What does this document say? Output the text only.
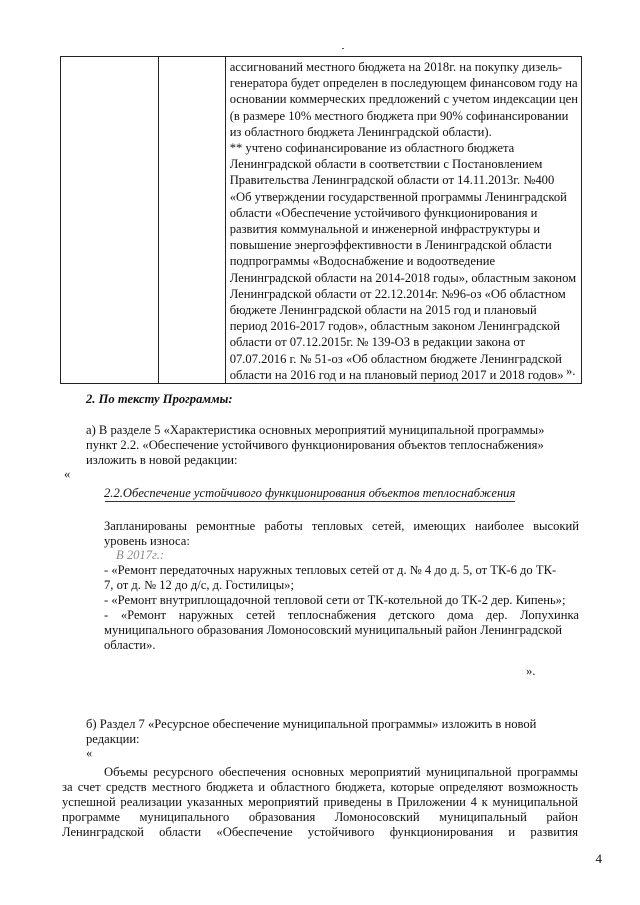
ассигнований местного бюджета на 2018г. на покупку дизель-
генератора будет определен в последующем финансовом году на
основании коммерческих предложений с учетом индексации цен
(в размере 10% местного бюджета при 90% софинансировании
из областного бюджета Ленинградской области).
** учтено софинансирование из областного бюджета
Ленинградской области в соответствии с Постановлением
Правительства Ленинградской области от 14.11.2013г. №400
«Об утверждении государственной программы Ленинградской
области «Обеспечение устойчивого функционирования и
развития коммунальной и инженерной инфраструктуры и
повышение энергоэффективности в Ленинградской области
подпрограммы «Водоснабжение и водоотведение
Ленинградской области на 2014-2018 годы», областным законом
Ленинградской области от 22.12.2014г. №96-оз «Об областном
бюджете Ленинградской области на 2015 год и плановый
период 2016-2017 годов», областным законом Ленинградской
области от 07.12.2015г. № 139-ОЗ в редакции закона от
07.07.2016 г. № 51-оз «Об областном бюджете Ленинградской
области на 2016 год и на плановый период 2017 и 2018 годов» ».
2. По тексту Программы:
а) В разделе 5 «Характеристика основных мероприятий муниципальной программы»
пункт 2.2. «Обеспечение устойчивого функционирования объектов теплоснабжения»
изложить в новой редакции:
«
2.2.Обеспечение устойчивого функционирования объектов теплоснабжения
Запланированы ремонтные работы тепловых сетей, имеющих наиболее высокий
уровень износа:
В 2017г.:
- «Ремонт передаточных наружных тепловых сетей от д. № 4 до д. 5, от ТК-6 до ТК-
7, от д. № 12 до д/с, д. Гостилицы»;
- «Ремонт внутриплощадочной тепловой сети от ТК-котельной до ТК-2 дер. Кипень»;
- «Ремонт наружных сетей теплоснабжения детского дома дер. Лопухинка
муниципального образования Ломоносовский муниципальный район Ленинградской
области».
».
б) Раздел 7 «Ресурсное обеспечение муниципальной программы» изложить в новой
редакции:
«
Объемы ресурсного обеспечения основных мероприятий муниципальной программы
за счет средств местного бюджета и областного бюджета, которые определяют возможность
успешной реализации указанных мероприятий приведены в Приложении 4 к муниципальной
программе муниципального образования Ломоносовский муниципальный район
Ленинградской области «Обеспечение устойчивого функционирования и развития
4
